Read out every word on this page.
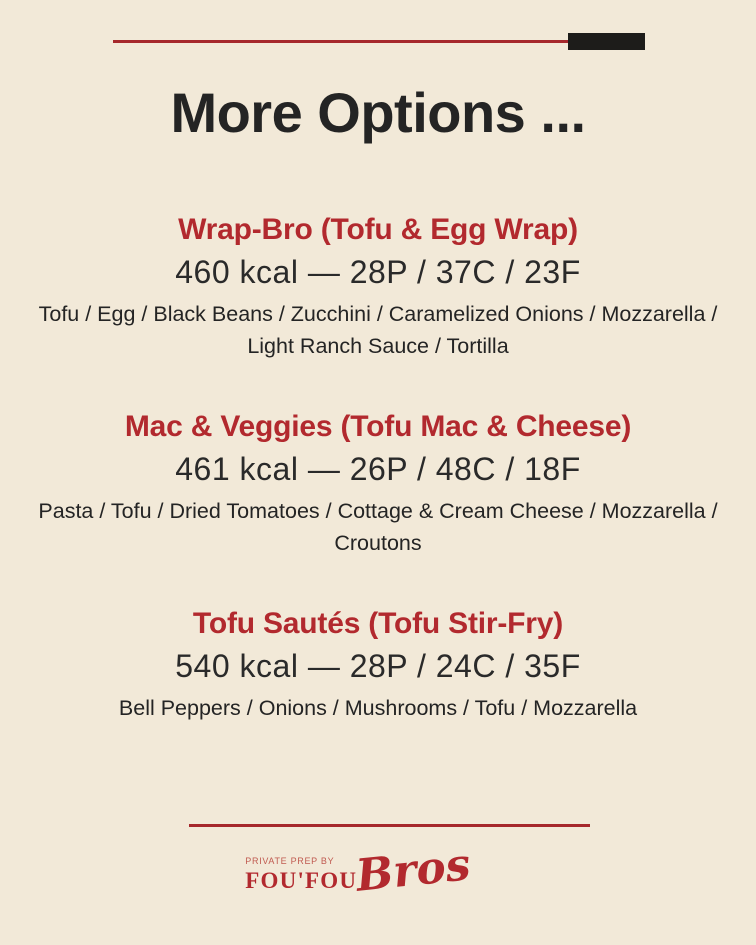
More Options ...
Wrap-Bro (Tofu & Egg Wrap)
460 kcal — 28P / 37C / 23F
Tofu / Egg / Black Beans / Zucchini / Caramelized Onions / Mozzarella / Light Ranch Sauce / Tortilla
Mac & Veggies (Tofu Mac & Cheese)
461 kcal — 26P / 48C / 18F
Pasta / Tofu / Dried Tomatoes / Cottage & Cream Cheese / Mozzarella / Croutons
Tofu Sautés (Tofu Stir-Fry)
540 kcal — 28P / 24C / 35F
Bell Peppers / Onions / Mushrooms / Tofu / Mozzarella
PRIVATE PREP BY
FOU'FOU
Bros
